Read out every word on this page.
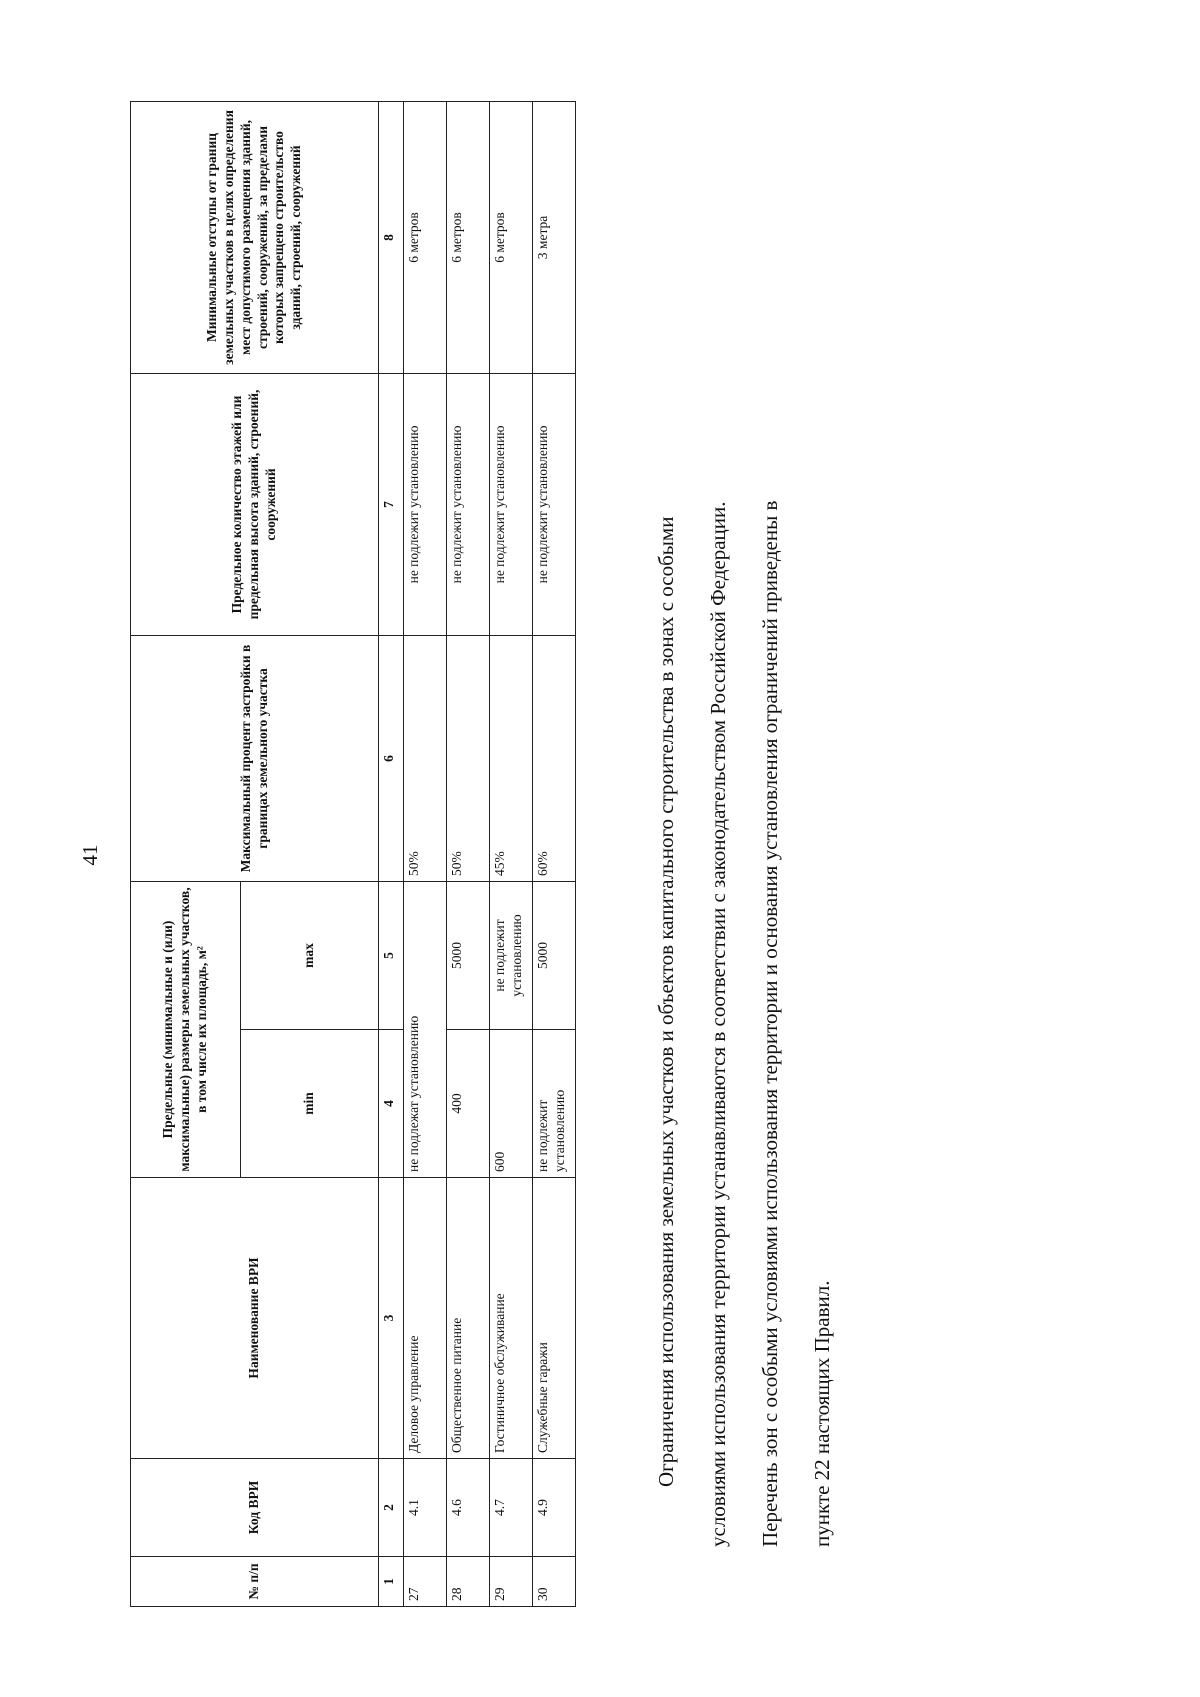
41
№ п/п	Код ВРИ	Наименование ВРИ	Предельные (минимальные и (или) максимальные) размеры земельных участков, в том числе их площадь, м²		Максимальный процент застройки в границах земельного участка	Предельное количество этажей или предельная высота зданий, строений, сооружений	Минимальные отступы от границ земельных участков в целях определения мест допустимого размещения зданий, строений, сооружений, за пределами которых запрещено строительство зданий, строений, сооружений
			min	max			
1	2	3	4	5	6	7	8
27	4.1	Деловое управление	не подлежат установлению		50%	не подлежит установлению	6 метров
28	4.6	Общественное питание	400	5000	50%	не подлежит установлению	6 метров
29	4.7	Гостиничное обслуживание	600	не подлежит установлению	45%	не подлежит установлению	6 метров
30	4.9	Служебные гаражи	не подлежит установлению	5000	60%	не подлежит установлению	3 метра
Ограничения использования земельных участков и объектов капитального строительства в зонах с особыми	условиями использования территории устанавливаются в соответствии с законодательством Российской Федерации.	Перечень зон с особыми условиями использования территории и основания установления ограничений приведены в	пункте 22 настоящих Правил.
